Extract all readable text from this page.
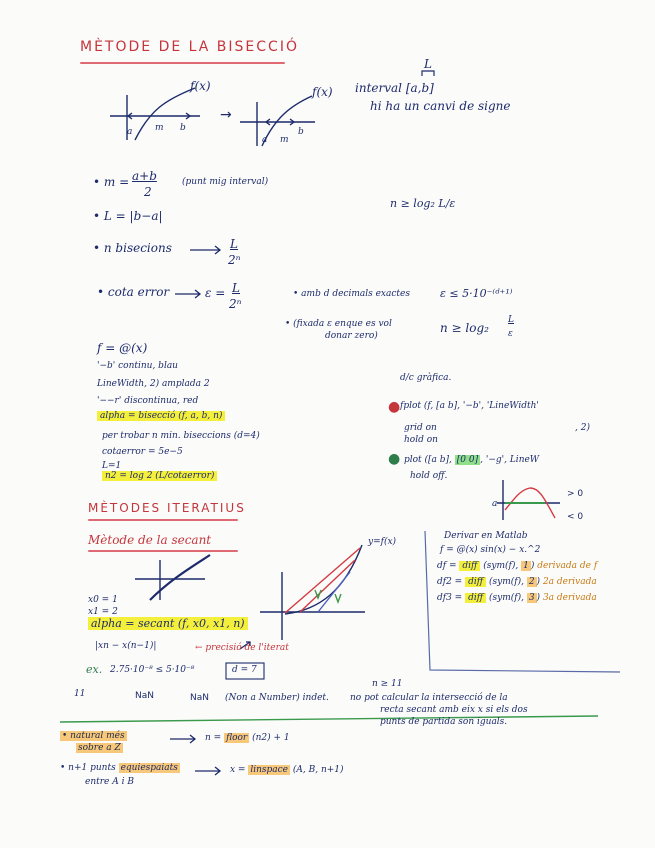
MÈTODE DE LA BISECCIÓ
f(x)
a	m b
→
a m
b
f(x)
L
interval [a,b]
hi ha un canvi de signe
• m = a+b
2
(punt mig interval)
n ≥ log₂ L/ε
• L = |b−a|
• n bisecions	L
2ⁿ
• cota error	ε = L
2ⁿ
• amb d decimals exactes	ε ≤ 5·10⁻⁽ᵈ⁺¹⁾
• (fixada ε enque es vol
donar zero)
n ≥ log₂
L
ε
f = @(x)
'−b' continu, blau
LineWidth, 2) amplada 2
'−−r' discontinua, red
alpha = bisecció (f, a, b, n)
per trobar n min. biseccions (d=4)
cotaerror = 5e−5
L=1
n2 = log 2 (L/cotaerror)
d/c gràfica.
● fplot (f, [a b], '−b', 'LineWidth'
, 2)
grid on
hold on
● plot ([a b], [0 0] , '−g', LineW
hold off.
> 0
< 0
a
MÈTODES ITERATIUS
Mètode de la secant	y=f(x)
x0 = 1
x1 = 2
alpha = secant (f, x0, x1, n)
|xn − x(n−1)|	← precisió de l'iterat
ex. 2.75·10⁻⁸ ≤ 5·10⁻⁸	d = 7
n ≥ 11
11	NaN	NaN (Non a Number) indet. no pot calcular la intersecció de la
recta secant amb eix x si els dos
punts de partida son iguals.
Derivar en Matlab
f = @(x) sin(x) − x.^2
df = diff (sym(f), 1 ) derivada de f
df2 = diff (sym(f), 2 ) 2a derivada
df3 = diff (sym(f), 3 ) 3a derivada
• natural més
sobre a Z
n = floor (n2) + 1
• n+1 punts equiespaiats
entre A i B
x = linspace (A, B, n+1)
